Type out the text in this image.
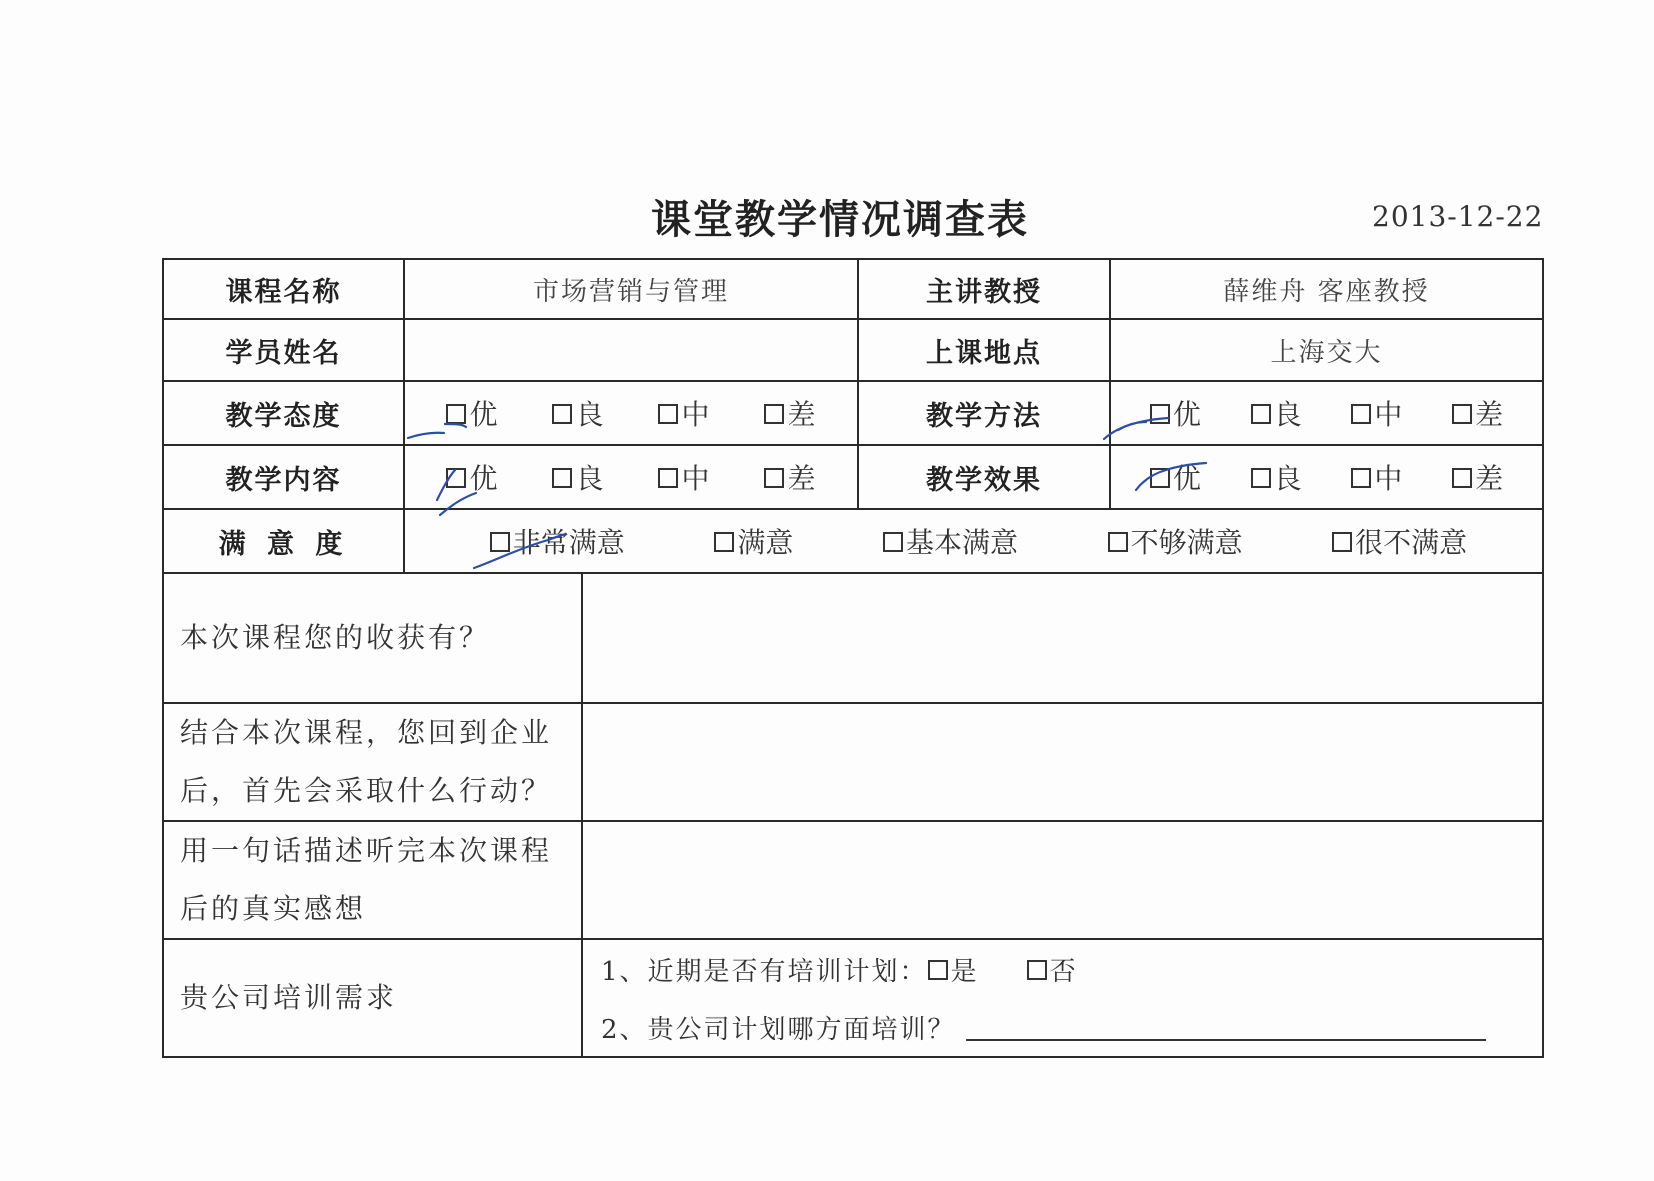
课堂教学情况调查表	2013-12-22
课程名称	市场营销与管理		主讲教授	薛维舟 客座教授
学员姓名			上课地点	上海交大
教学态度	优 良 中 差		教学方法	优 良 中 差

教学内容	优 良 中 差		教学效果	优 良 中 差

满 意 度	非常满意 满意 基本满意 不够满意 很不满意			

本次课程您的收获有？				

结合本次课程，您回到企业
后，首先会采取什么行动？				

用一句话描述听完本次课程
后的真实感想				

贵公司培训需求		1、近期是否有培训计划： 是 否
2、贵公司计划哪方面培训？		
